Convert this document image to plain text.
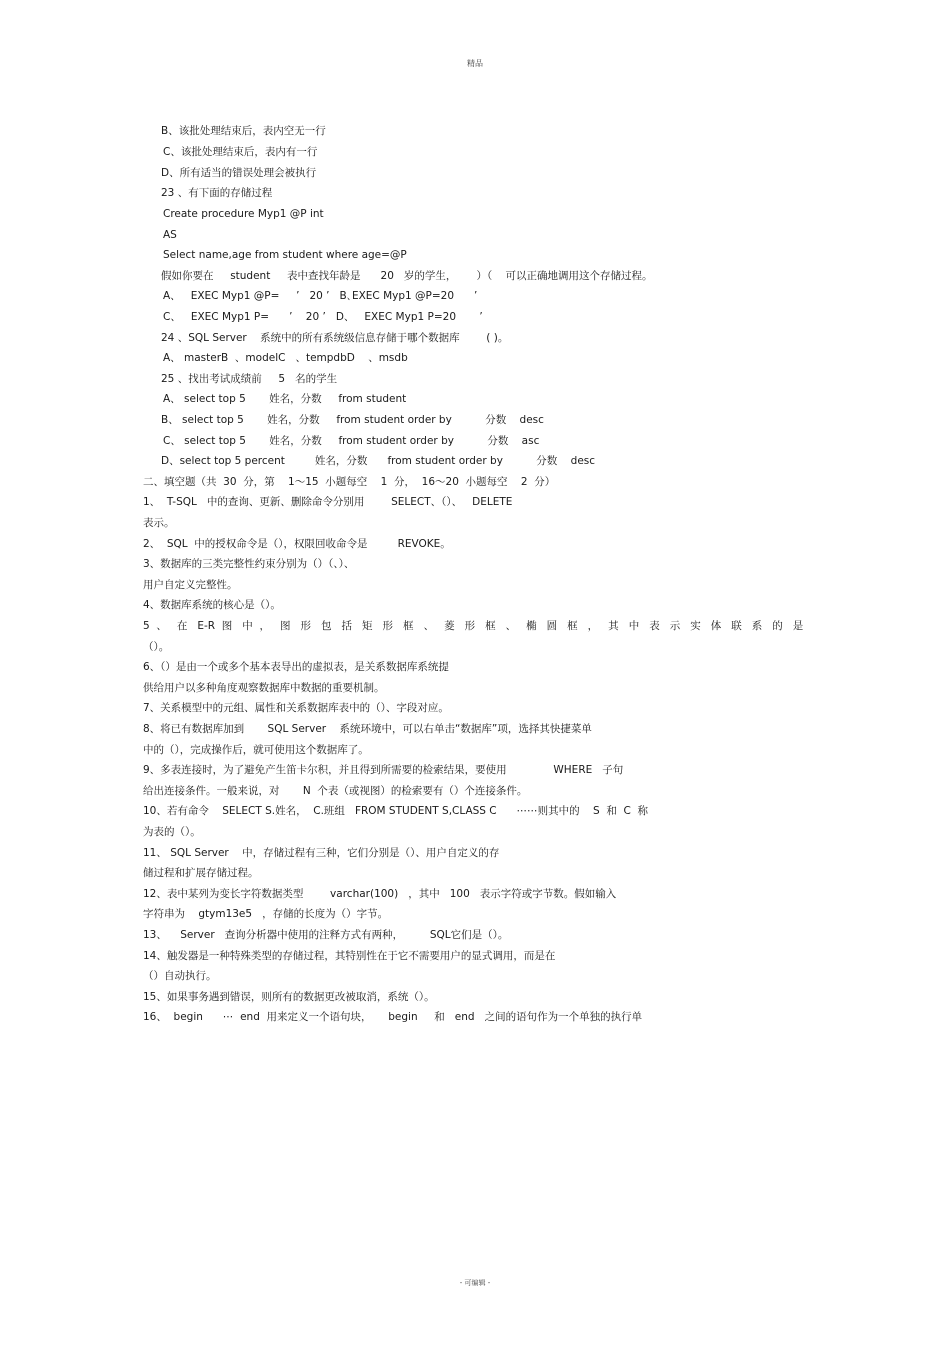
精品
B、该批处理结束后，表内空无一行
C、该批处理结束后，表内有一行
D、所有适当的错误处理会被执行
23 、有下面的存储过程
Create procedure Myp1 @P int
AS
Select name,age from student where age=@P
假如你要在     student     表中查找年龄是      20   岁的学生，      ）（    可以正确地调用这个存储过程。
A、   EXEC Myp1 @P=     ’   20 ’   B､EXEC Myp1 @P=20      ’
C、   EXEC Myp1 P=      ’    20 ’   D、   EXEC Myp1 P=20       ’
24 、SQL Server    系统中的所有系统级信息存储于哪个数据库        ( )。
A、 masterB  、modelC   、tempdbD    、msdb
25 、找出考试成绩前     5   名的学生
A、 select top 5       姓名，分数     from student
B、 select top 5       姓名，分数     from student order by          分数    desc
C、 select top 5       姓名，分数     from student order by          分数    asc
D、select top 5 percent         姓名，分数      from student order by          分数    desc
二、填空题（共  30  分，第    1～15  小题每空    1  分，  16～20  小题每空    2  分）
1、  T-SQL   中的查询、更新、删除命令分别用        SELECT、（）、   DELETE
表示。
2、  SQL  中的授权命令是（），权限回收命令是         REVOKE。
3、数据库的三类完整性约束分别为（）（、）、
用户自定义完整性。
4、数据库系统的核心是（）。
5  、   在   E-R  图   中  ，   图   形   包   括   矩   形   框   、   菱   形   框   、   椭   圆   框   ，   其   中   表   示   实   体   联   系   的   是
（）。
6、（）是由一个或多个基本表导出的虚拟表，是关系数据库系统提
供给用户以多种角度观察数据库中数据的重要机制。
7、关系模型中的元组、属性和关系数据库表中的（）、字段对应。
8、将已有数据库加到       SQL Server    系统环境中，可以右单击“数据库”项，选择其快捷菜单
中的（），完成操作后，就可使用这个数据库了。
9、多表连接时，为了避免产生笛卡尔积，并且得到所需要的检索结果，要使用              WHERE   子句
给出连接条件。一般来说，对       N  个表（或视图）的检索要有（）个连接条件。
10、若有命令    SELECT S.姓名，  C.班组   FROM STUDENT S,CLASS C      ⋯⋯则其中的    S  和  C  称
为表的（）。
11、 SQL Server    中，存储过程有三种，它们分别是（）、用户自定义的存
储过程和扩展存储过程。
12、表中某列为变长字符数据类型        varchar(100)   ，其中   100   表示字符或字节数。假如输入
字符串为    gtym13e5   ，存储的长度为（）字节。
13、    Server   查询分析器中使用的注释方式有两种，        SQL它们是（）。
14、触发器是一种特殊类型的存储过程，其特别性在于它不需要用户的显式调用，而是在
（）自动执行。
15、如果事务遇到错误，则所有的数据更改被取消，系统（）。
16、  begin      ⋯  end  用来定义一个语句块，     begin     和   end   之间的语句作为一个单独的执行单
- 可编辑 -
